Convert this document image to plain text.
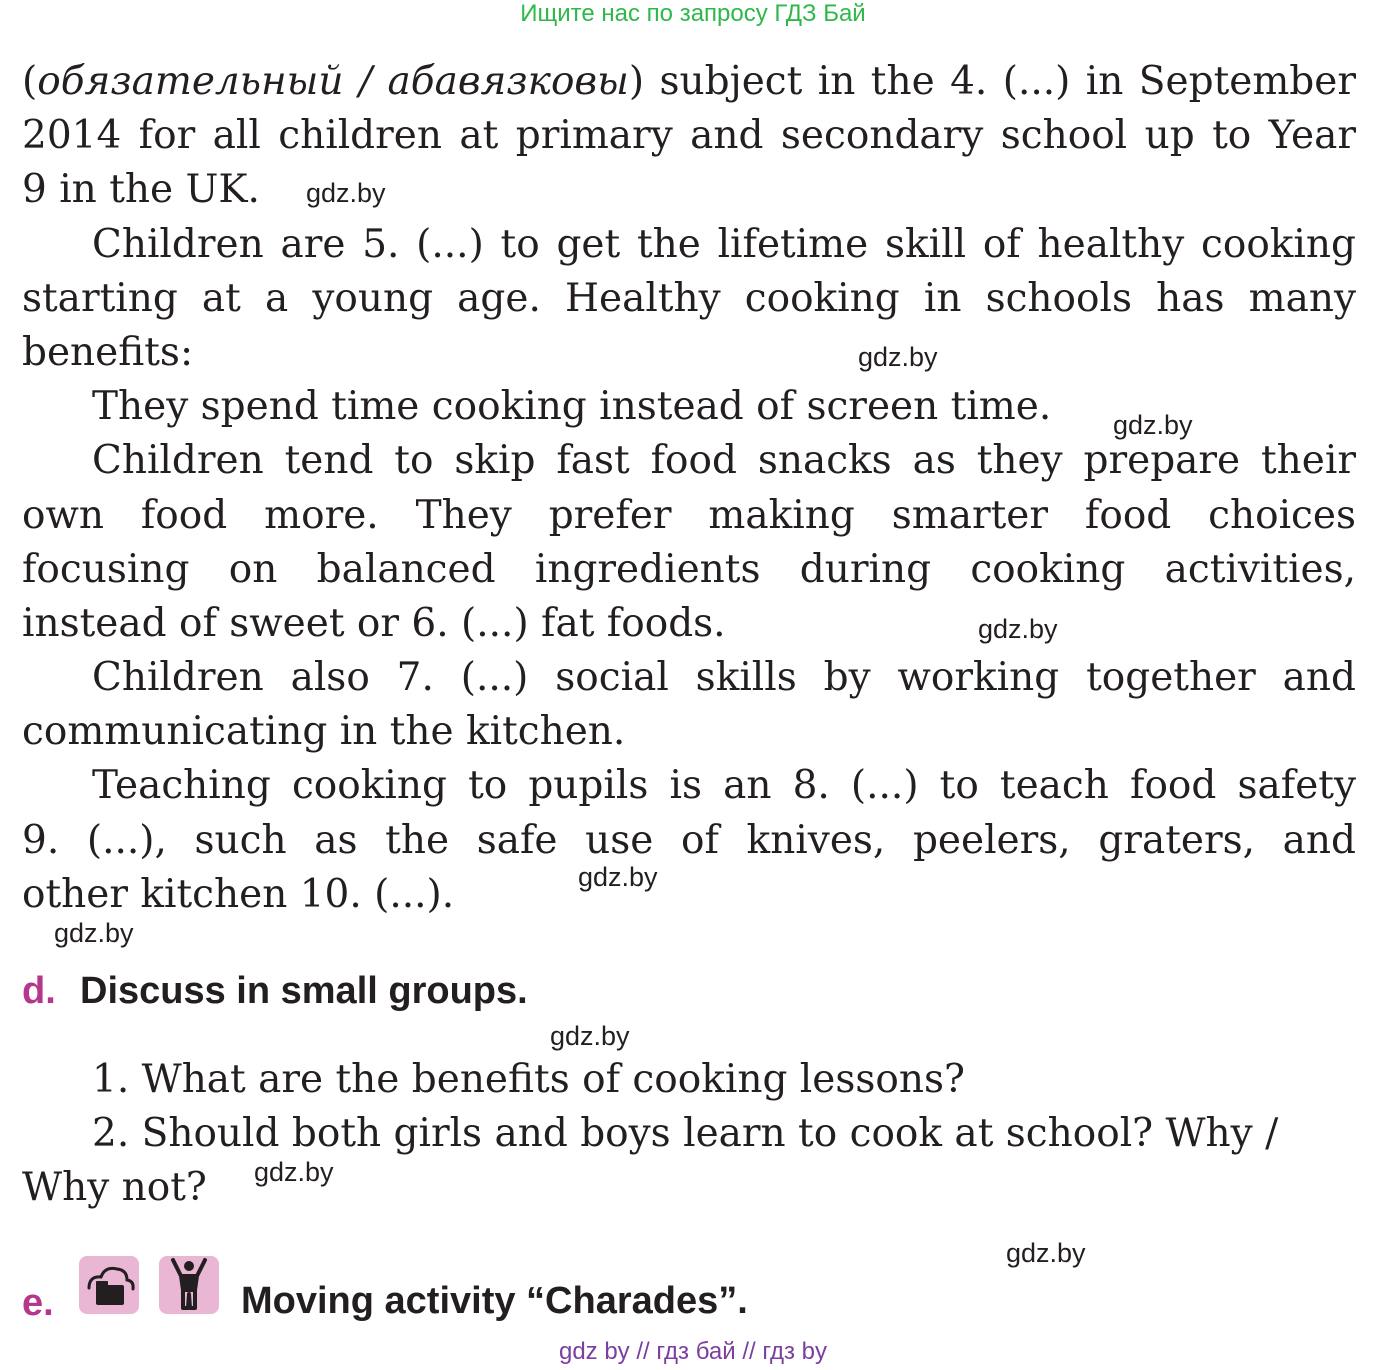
Ищите нас по запросу ГДЗ Бай
(обязательный / абавязковы) subject in the 4. (...) in September
2014 for all children at primary and secondary school up to Year
9 in the UK.
Children are 5. (...) to get the lifetime skill of healthy cooking
starting at a young age. Healthy cooking in schools has many
benefits:
They spend time cooking instead of screen time.
Children tend to skip fast food snacks as they prepare their
own food more. They prefer making smarter food choices
focusing on balanced ingredients during cooking activities,
instead of sweet or 6. (...) fat foods.
Children also 7. (...) social skills by working together and
communicating in the kitchen.
Teaching cooking to pupils is an 8. (...) to teach food safety
9. (...), such as the safe use of knives, peelers, graters, and
other kitchen 10. (...).
gdz.by
gdz.by
gdz.by
gdz.by
gdz.by
gdz.by
gdz.by
gdz.by
gdz.by
d. Discuss in small groups.
1. What are the benefits of cooking lessons?
2. Should both girls and boys learn to cook at school? Why /
Why not?
e.	Moving activity “Charades”.
gdz by // гдз бай // гдз by
